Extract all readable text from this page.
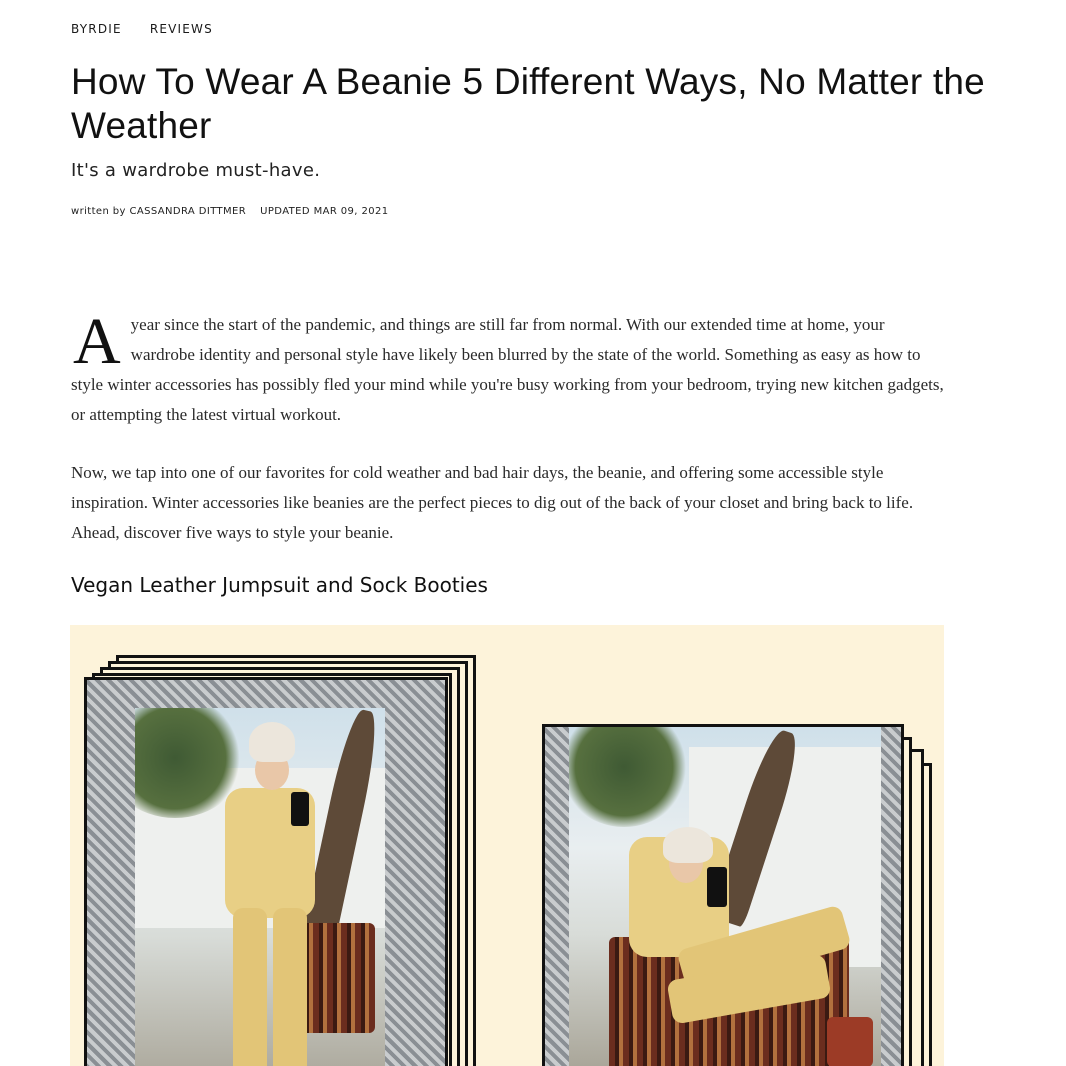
BYRDIE REVIEWS
How To Wear A Beanie 5 Different Ways, No Matter the Weather

It's a wardrobe must-have.

written by CASSANDRA DITTMER UPDATED MAR 09, 2021

A year since the start of the pandemic, and things are still far from normal. With our extended time at home, your wardrobe identity and personal style have likely been blurred by the state of the world. Something as easy as how to style winter accessories has possibly fled your mind while you're busy working from your bedroom, trying new kitchen gadgets, or attempting the latest virtual workout.

Now, we tap into one of our favorites for cold weather and bad hair days, the beanie, and offering some accessible style inspiration. Winter accessories like beanies are the perfect pieces to dig out of the back of your closet and bring back to life. Ahead, discover five ways to style your beanie.

Vegan Leather Jumpsuit and Sock Booties
